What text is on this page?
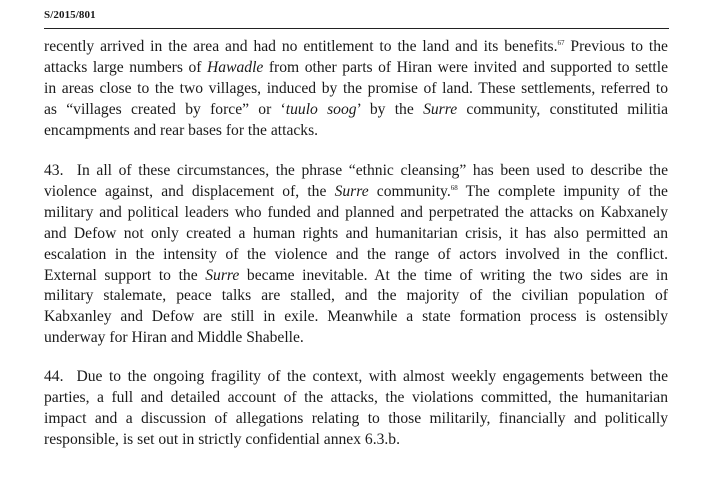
S/2015/801
recently arrived in the area and had no entitlement to the land and its benefits.$^{67}$ Previous to the
attacks large numbers of Hawadle from other parts of Hiran were invited and supported to settle
in areas close to the two villages, induced by the promise of land. These settlements, referred to
as “villages created by force” or ‘tuulo soog’ by the Surre community, constituted militia
encampments and rear bases for the attacks.
43. In all of these circumstances, the phrase “ethnic cleansing” has been used to describe the
violence against, and displacement of, the Surre community.$^{68}$ The complete impunity of the
military and political leaders who funded and planned and perpetrated the attacks on Kabxanely
and Defow not only created a human rights and humanitarian crisis, it has also permitted an
escalation in the intensity of the violence and the range of actors involved in the conflict.
External support to the Surre became inevitable. At the time of writing the two sides are in
military stalemate, peace talks are stalled, and the majority of the civilian population of
Kabxanley and Defow are still in exile. Meanwhile a state formation process is ostensibly
underway for Hiran and Middle Shabelle.
44. Due to the ongoing fragility of the context, with almost weekly engagements between the
parties, a full and detailed account of the attacks, the violations committed, the humanitarian
impact and a discussion of allegations relating to those militarily, financially and politically
responsible, is set out in strictly confidential annex 6.3.b.
